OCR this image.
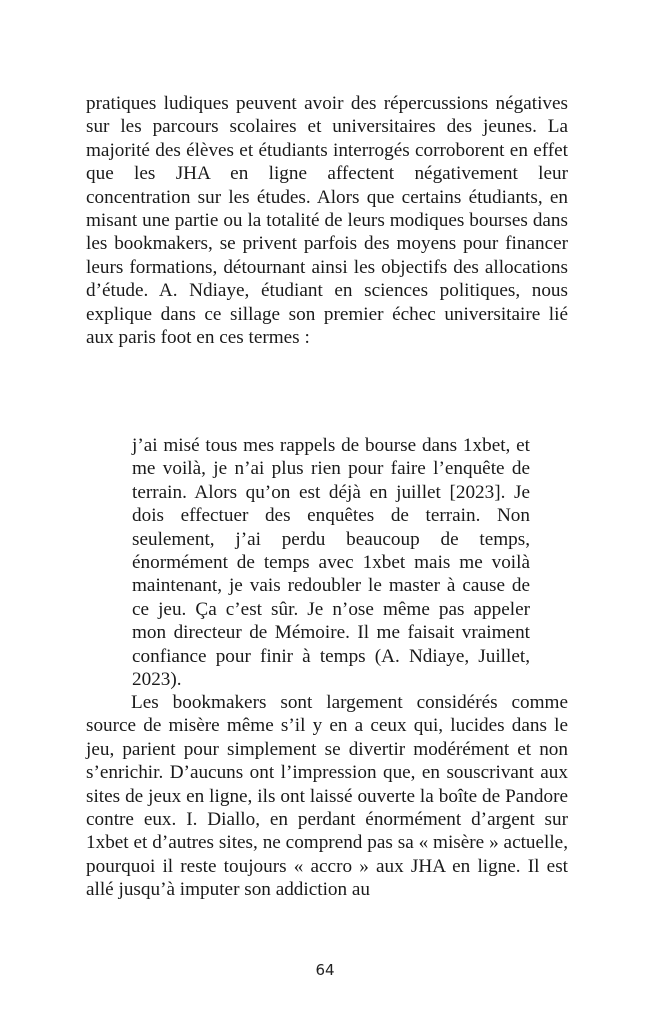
pratiques ludiques peuvent avoir des répercussions négatives sur les parcours scolaires et universitaires des jeunes. La majorité des élèves et étudiants interrogés corroborent en effet que les JHA en ligne affectent négativement leur concentration sur les études. Alors que certains étudiants, en misant une partie ou la totalité de leurs modiques bourses dans les bookmakers, se privent parfois des moyens pour financer leurs formations, détournant ainsi les objectifs des allocations d’étude. A. Ndiaye, étudiant en sciences politiques, nous explique dans ce sillage son premier échec universitaire lié aux paris foot en ces termes :

j’ai misé tous mes rappels de bourse dans 1xbet, et me voilà, je n’ai plus rien pour faire l’enquête de terrain. Alors qu’on est déjà en juillet [2023]. Je dois effectuer des enquêtes de terrain. Non seulement, j’ai perdu beaucoup de temps, énormément de temps avec 1xbet mais me voilà maintenant, je vais redoubler le master à cause de ce jeu. Ça c’est sûr. Je n’ose même pas appeler mon directeur de Mémoire. Il me faisait vraiment confiance pour finir à temps (A. Ndiaye, Juillet, 2023).

Les bookmakers sont largement considérés comme source de misère même s’il y en a ceux qui, lucides dans le jeu, parient pour simplement se divertir modérément et non s’enrichir. D’aucuns ont l’impression que, en souscrivant aux sites de jeux en ligne, ils ont laissé ouverte la boîte de Pandore contre eux. I. Diallo, en perdant énormément d’argent sur 1xbet et d’autres sites, ne comprend pas sa « misère » actuelle, pourquoi il reste toujours « accro » aux JHA en ligne. Il est allé jusqu’à imputer son addiction au

64
